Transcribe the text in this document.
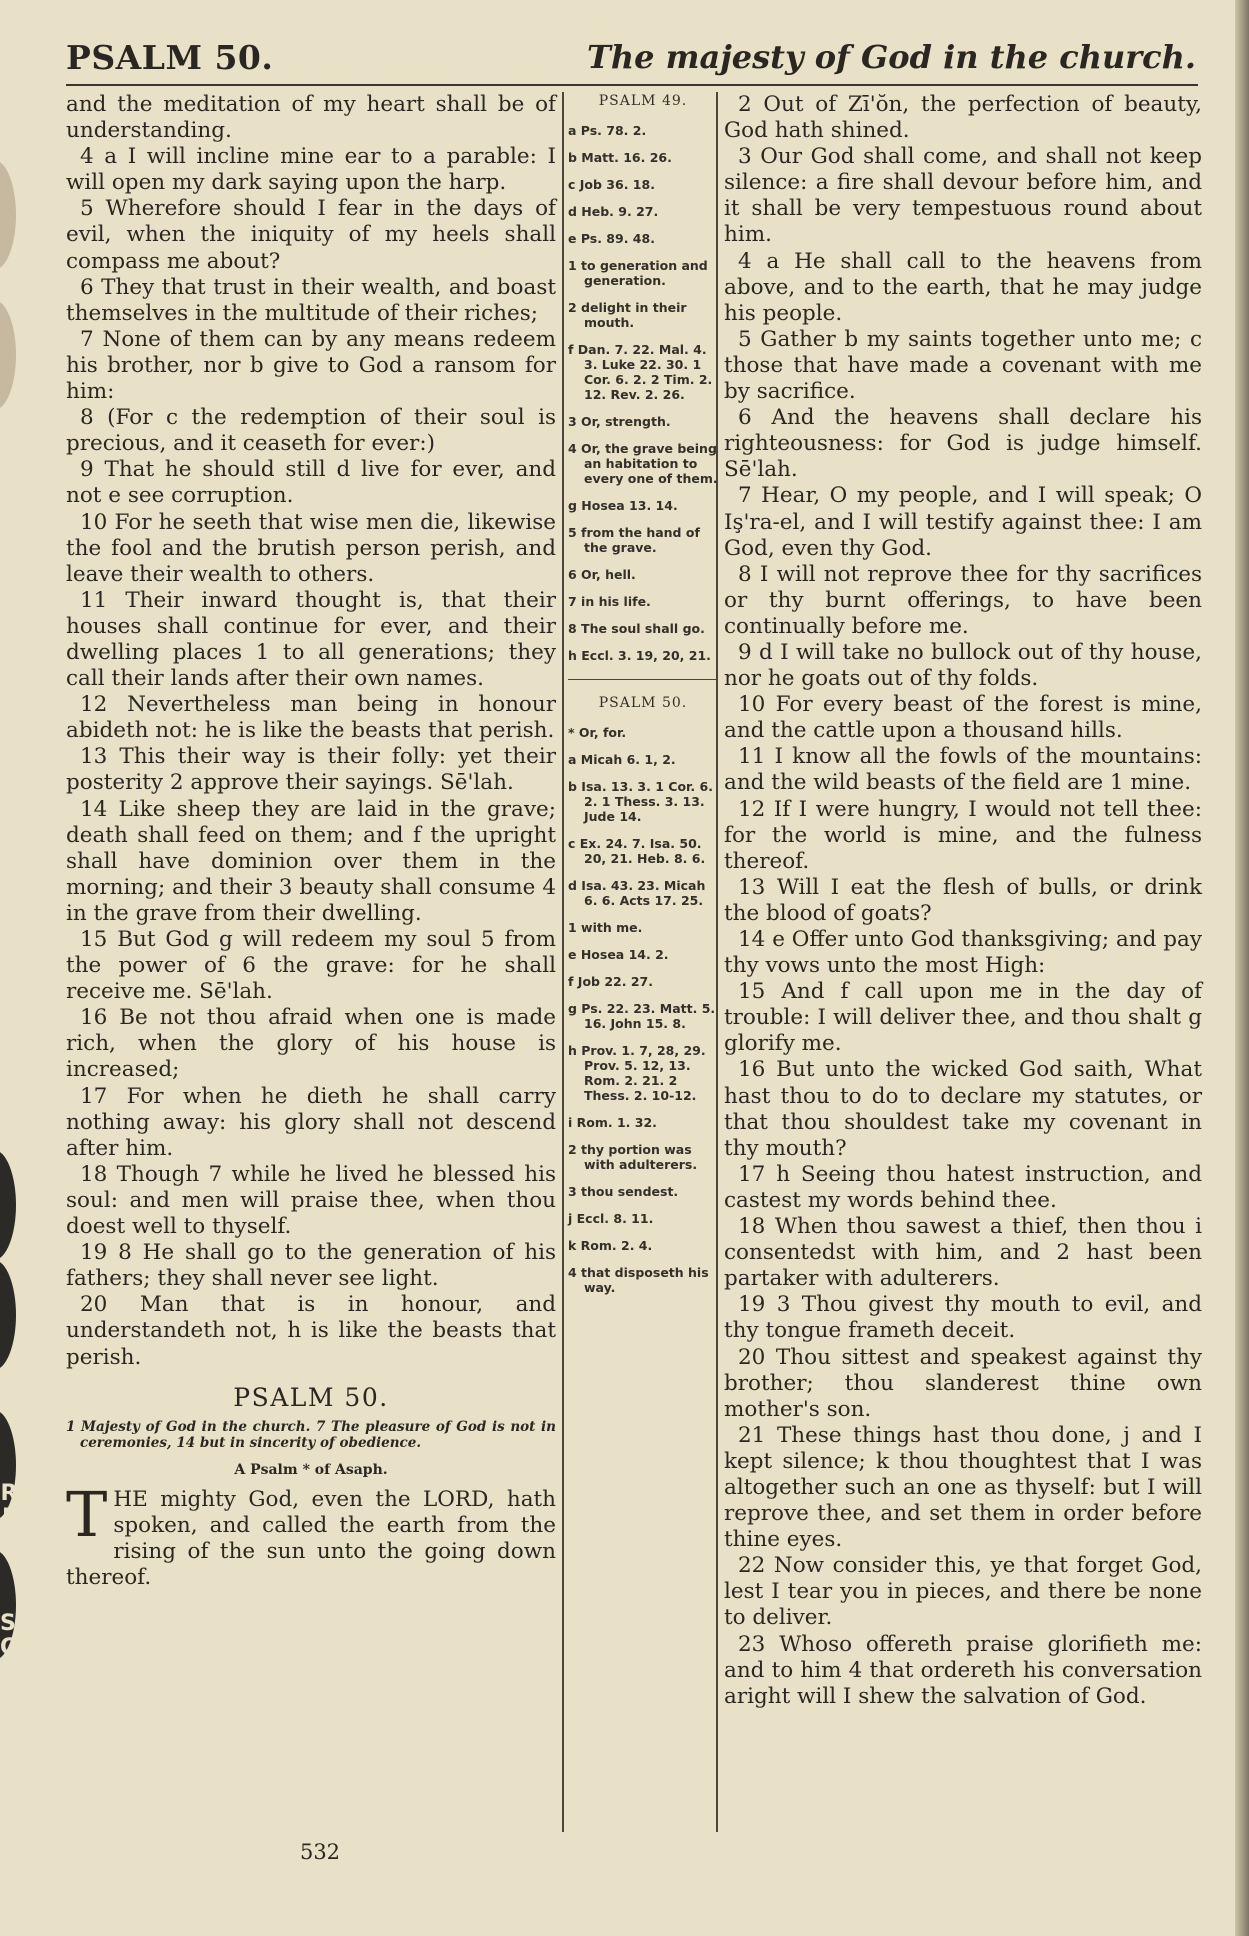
R
L
ST
OB
PSALM 50.	The majesty of God in the church.

and the meditation of my heart shall be of understanding.

4 a I will incline mine ear to a parable: I will open my dark saying upon the harp.

5 Wherefore should I fear in the days of evil, when the iniquity of my heels shall compass me about?

6 They that trust in their wealth, and boast themselves in the multitude of their riches;

7 None of them can by any means redeem his brother, nor b give to God a ransom for him:

8 (For c the redemption of their soul is precious, and it ceaseth for ever:)

9 That he should still d live for ever, and not e see corruption.

10 For he seeth that wise men die, likewise the fool and the brutish person perish, and leave their wealth to others.

11 Their inward thought is, that their houses shall continue for ever, and their dwelling places 1 to all generations; they call their lands after their own names.

12 Nevertheless man being in honour abideth not: he is like the beasts that perish.

13 This their way is their folly: yet their posterity 2 approve their sayings. Sē'lah.

14 Like sheep they are laid in the grave; death shall feed on them; and f the upright shall have dominion over them in the morning; and their 3 beauty shall consume 4 in the grave from their dwelling.

15 But God g will redeem my soul 5 from the power of 6 the grave: for he shall receive me. Sē'lah.

16 Be not thou afraid when one is made rich, when the glory of his house is increased;

17 For when he dieth he shall carry nothing away: his glory shall not descend after him.

18 Though 7 while he lived he blessed his soul: and men will praise thee, when thou doest well to thyself.

19 8 He shall go to the generation of his fathers; they shall never see light.

20 Man that is in honour, and understandeth not, h is like the beasts that perish.

PSALM 50.
1 Majesty of God in the church. 7 The pleasure of God is not in ceremonies, 14 but in sincerity of obedience.
A Psalm * of Asaph.

T HE mighty God, even the LORD, hath spoken, and called the earth from the rising of the sun unto the going down thereof.

PSALM 49.
a Ps. 78. 2.
b Matt. 16. 26.
c Job 36. 18.
d Heb. 9. 27.
e Ps. 89. 48.
1 to generation and generation.
2 delight in their mouth.
f Dan. 7. 22. Mal. 4. 3. Luke 22. 30. 1 Cor. 6. 2. 2 Tim. 2. 12. Rev. 2. 26.
3 Or, strength.
4 Or, the grave being an habitation to every one of them.
g Hosea 13. 14.
5 from the hand of the grave.
6 Or, hell.
7 in his life.
8 The soul shall go.
h Eccl. 3. 19, 20, 21.
PSALM 50.
* Or, for.
a Micah 6. 1, 2.
b Isa. 13. 3. 1 Cor. 6. 2. 1 Thess. 3. 13. Jude 14.
c Ex. 24. 7. Isa. 50. 20, 21. Heb. 8. 6.
d Isa. 43. 23. Micah 6. 6. Acts 17. 25.
1 with me.
e Hosea 14. 2.
f Job 22. 27.
g Ps. 22. 23. Matt. 5. 16. John 15. 8.
h Prov. 1. 7, 28, 29. Prov. 5. 12, 13. Rom. 2. 21. 2 Thess. 2. 10-12.
i Rom. 1. 32.
2 thy portion was with adulterers.
3 thou sendest.
j Eccl. 8. 11.
k Rom. 2. 4.
4 that disposeth his way.

2 Out of Zī'ŏn, the perfection of beauty, God hath shined.

3 Our God shall come, and shall not keep silence: a fire shall devour before him, and it shall be very tempestuous round about him.

4 a He shall call to the heavens from above, and to the earth, that he may judge his people.

5 Gather b my saints together unto me; c those that have made a covenant with me by sacrifice.

6 And the heavens shall declare his righteousness: for God is judge himself. Sē'lah.

7 Hear, O my people, and I will speak; O Iş'ra-el, and I will testify against thee: I am God, even thy God.

8 I will not reprove thee for thy sacrifices or thy burnt offerings, to have been continually before me.

9 d I will take no bullock out of thy house, nor he goats out of thy folds.

10 For every beast of the forest is mine, and the cattle upon a thousand hills.

11 I know all the fowls of the mountains: and the wild beasts of the field are 1 mine.

12 If I were hungry, I would not tell thee: for the world is mine, and the fulness thereof.

13 Will I eat the flesh of bulls, or drink the blood of goats?

14 e Offer unto God thanksgiving; and pay thy vows unto the most High:

15 And f call upon me in the day of trouble: I will deliver thee, and thou shalt g glorify me.

16 But unto the wicked God saith, What hast thou to do to declare my statutes, or that thou shouldest take my covenant in thy mouth?

17 h Seeing thou hatest instruction, and castest my words behind thee.

18 When thou sawest a thief, then thou i consentedst with him, and 2 hast been partaker with adulterers.

19 3 Thou givest thy mouth to evil, and thy tongue frameth deceit.

20 Thou sittest and speakest against thy brother; thou slanderest thine own mother's son.

21 These things hast thou done, j and I kept silence; k thou thoughtest that I was altogether such an one as thyself: but I will reprove thee, and set them in order before thine eyes.

22 Now consider this, ye that forget God, lest I tear you in pieces, and there be none to deliver.

23 Whoso offereth praise glorifieth me: and to him 4 that ordereth his conversation aright will I shew the salvation of God.

532
